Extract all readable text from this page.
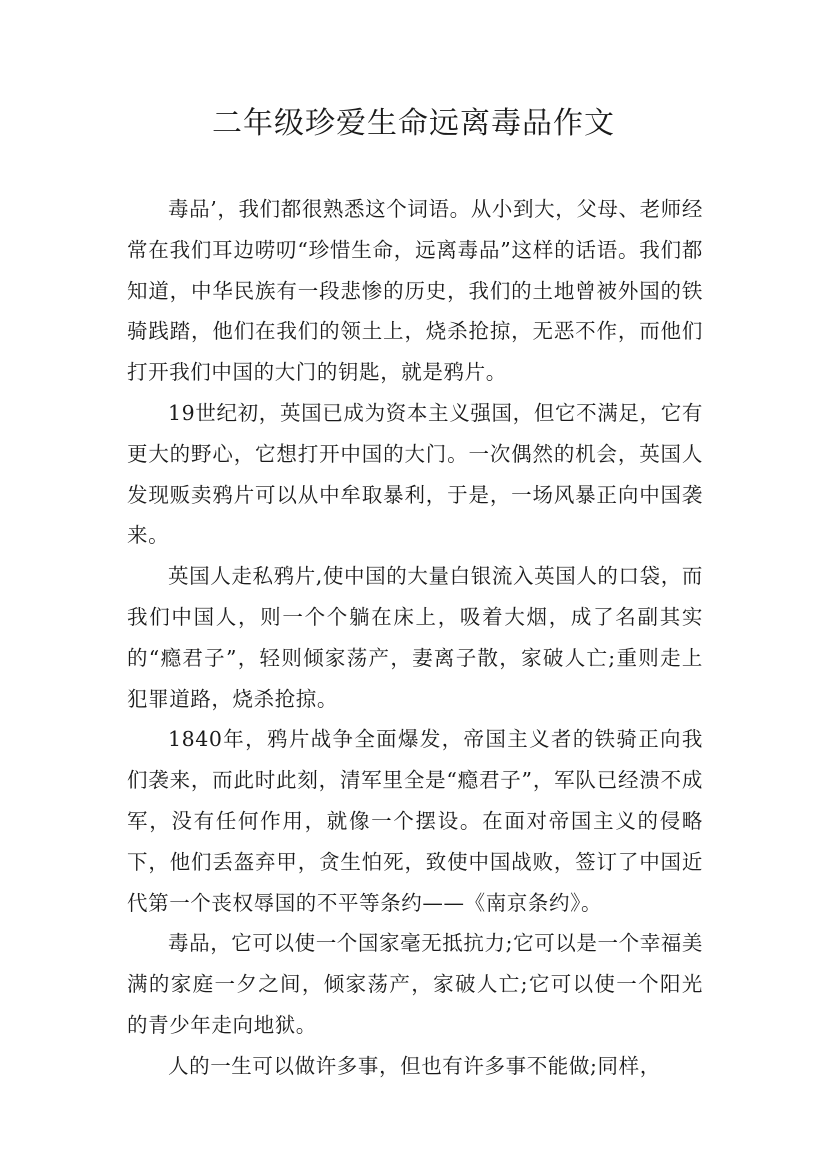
二年级珍爱生命远离毒品作文

毒品’，我们都很熟悉这个词语。从小到大，父母、老师经常在我们耳边唠叨“珍惜生命，远离毒品”这样的话语。我们都知道，中华民族有一段悲惨的历史，我们的土地曾被外国的铁骑践踏，他们在我们的领土上，烧杀抢掠，无恶不作，而他们打开我们中国的大门的钥匙，就是鸦片。

19世纪初，英国已成为资本主义强国，但它不满足，它有更大的野心，它想打开中国的大门。一次偶然的机会，英国人发现贩卖鸦片可以从中牟取暴利，于是，一场风暴正向中国袭来。

英国人走私鸦片,使中国的大量白银流入英国人的口袋，而我们中国人，则一个个躺在床上，吸着大烟，成了名副其实的“瘾君子”，轻则倾家荡产，妻离子散，家破人亡;重则走上犯罪道路，烧杀抢掠。

1840年，鸦片战争全面爆发，帝国主义者的铁骑正向我们袭来，而此时此刻，清军里全是“瘾君子”，军队已经溃不成军，没有任何作用，就像一个摆设。在面对帝国主义的侵略下，他们丢盔弃甲，贪生怕死，致使中国战败，签订了中国近代第一个丧权辱国的不平等条约——《南京条约》。

毒品，它可以使一个国家毫无抵抗力;它可以是一个幸福美满的家庭一夕之间，倾家荡产，家破人亡;它可以使一个阳光的青少年走向地狱。

人的一生可以做许多事，但也有许多事不能做;同样，
